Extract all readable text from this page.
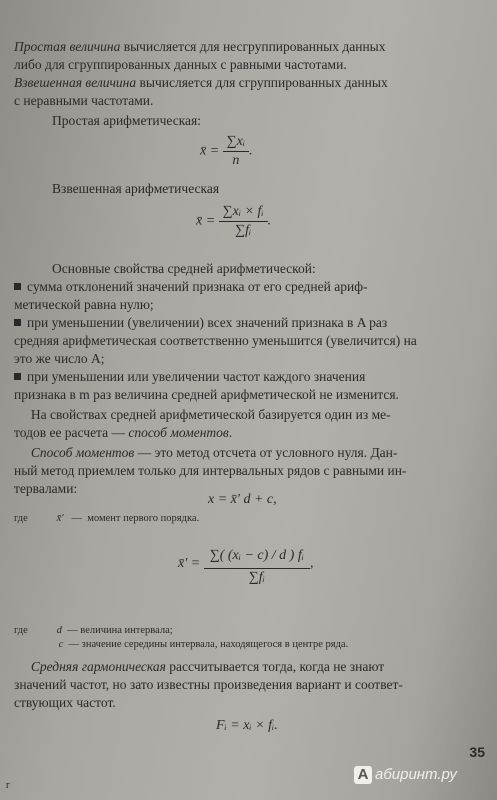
Простая величина вычисляется для несгруппированных данных
либо для сгруппированных данных с равными частотами.

Взвешенная величина вычисляется для сгруппированных данных
с неравными частотами.

Простая арифметическая:

x̄ = $\frac{\text{∑xᵢ}}{n}$ .

Взвешенная арифметическая

x̄ = $\frac{\text{∑xᵢ × fᵢ}}{\text{∑fᵢ}}$ .

Основные свойства средней арифметической:

сумма отклонений значений признака от его средней ариф-
метической равна нулю;

при уменьшении (увеличении) всех значений признака в A раз
средняя арифметическая соответственно уменьшится (увеличится) на
это же число A;

при уменьшении или увеличении частот каждого значения
признака в m раз величина средней арифметической не изменится.

На свойствах средней арифметической базируется один из ме-
тодов ее расчета — способ моментов.

Способ моментов — это метод отсчета от условного нуля. Дан-
ный метод приемлем только для интервальных рядов с равными ин-
тервалами:

x = x̄′ d + c,

где	x̄′ — момент первого порядка.

x̄′ = $\frac{\text{∑( (xᵢ − c) / d ) fᵢ}}{\text{∑fᵢ}}$ ,

где	d — величина интервала;
c — значение середины интервала, находящегося в центре ряда.

Средняя гармоническая рассчитывается тогда, когда не знают
значений частот, но зато известны произведения вариант и соответ-
ствующих частот.

Fᵢ = xᵢ × fᵢ.
35
А абиринт.ру
г
